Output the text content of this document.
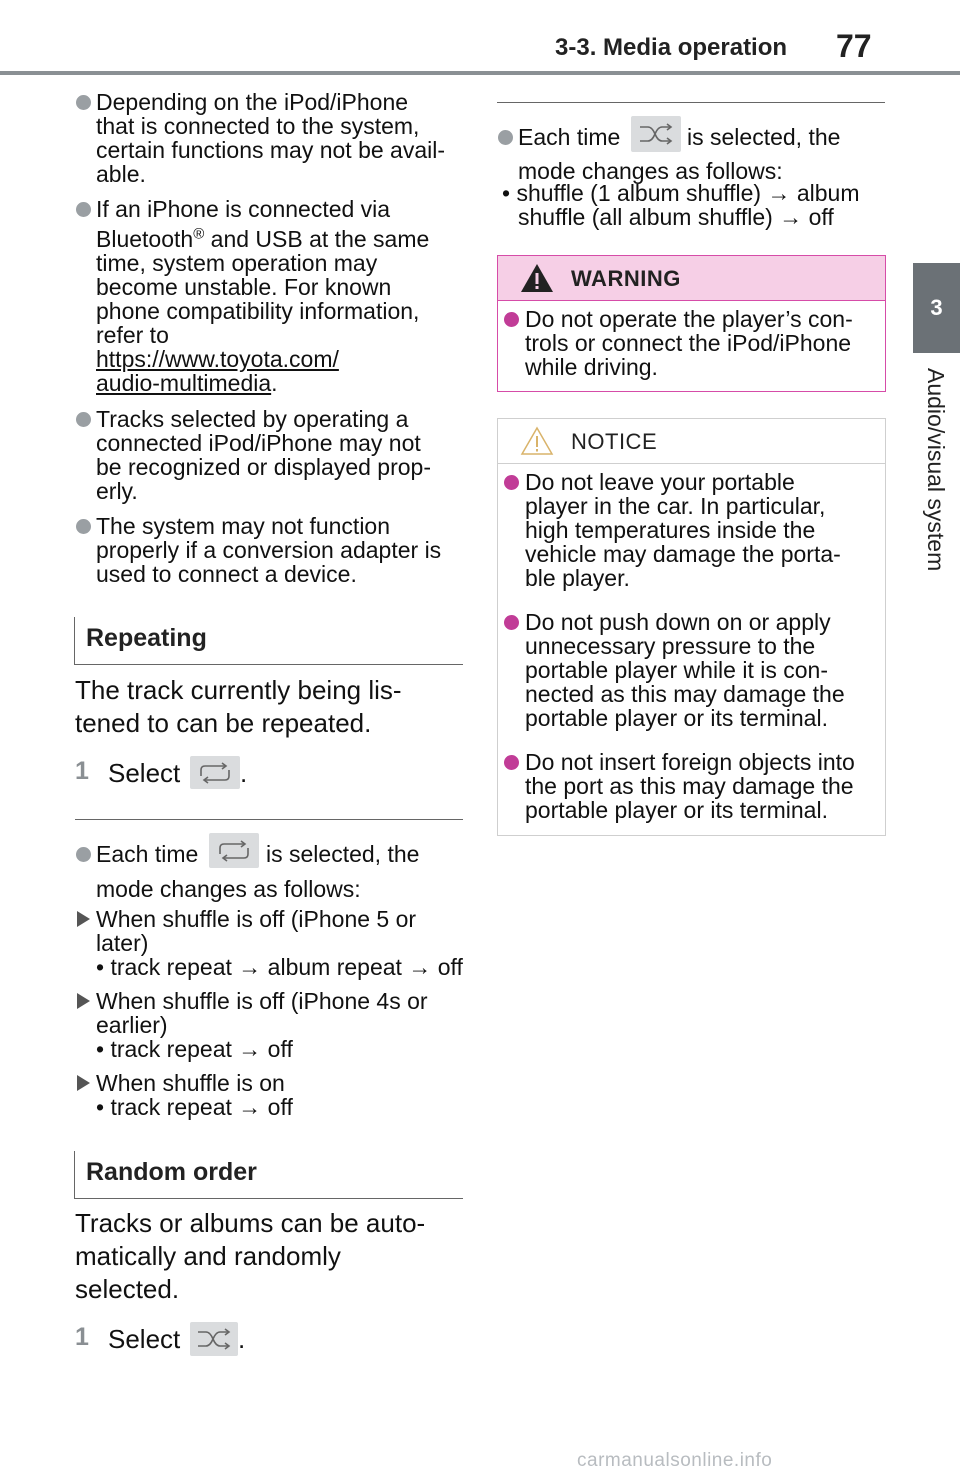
3-3. Media operation 77
3
Audio/visual system
Depending on the iPod/iPhone
that is connected to the system,
certain functions may not be avail-
able.
If an iPhone is connected via
Bluetooth® and USB at the same
time, system operation may
become unstable. For known
phone compatibility information,
refer to
https://www.toyota.com/
audio-multimedia.
Tracks selected by operating a
connected iPod/iPhone may not
be recognized or displayed prop-
erly.
The system may not function
properly if a conversion adapter is
used to connect a device.
Repeating
The track currently being lis-
tened to can be repeated.
1 Select .
Each time	is selected, the
mode changes as follows:
When shuffle is off (iPhone 5 or
later)
• track repeat → album repeat → off
When shuffle is off (iPhone 4s or
earlier)
• track repeat → off
When shuffle is on
• track repeat → off
Random order
Tracks or albums can be auto-
matically and randomly
selected.
1 Select .
Each time	is selected, the
mode changes as follows:
• shuffle (1 album shuffle) → album
shuffle (all album shuffle) → off
WARNING
Do not operate the player’s con-
trols or connect the iPod/iPhone
while driving.
NOTICE
Do not leave your portable
player in the car. In particular,
high temperatures inside the
vehicle may damage the porta-
ble player.
Do not push down on or apply
unnecessary pressure to the
portable player while it is con-
nected as this may damage the
portable player or its terminal.
Do not insert foreign objects into
the port as this may damage the
portable player or its terminal.
carmanualsonline.info
